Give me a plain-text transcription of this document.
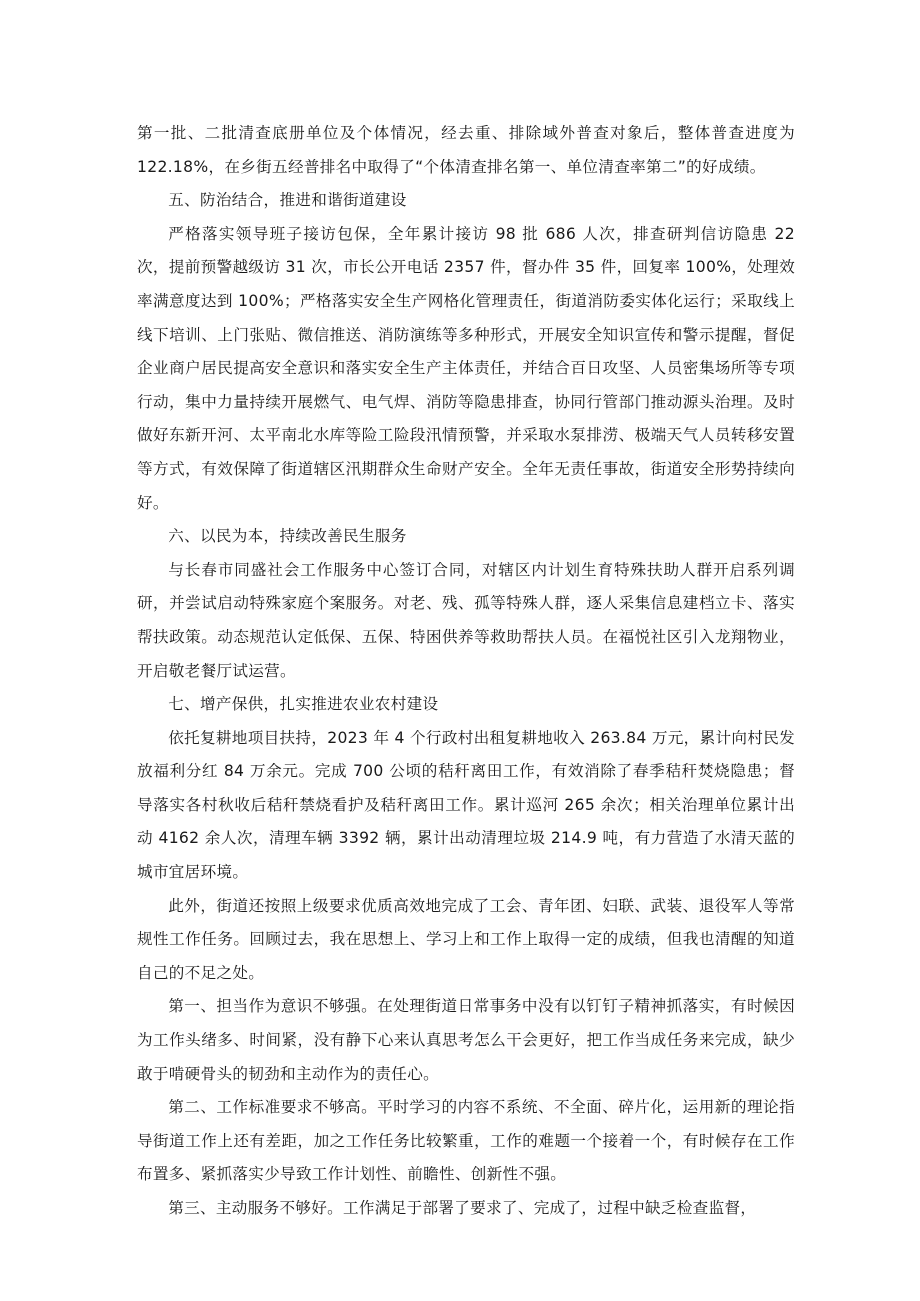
第一批、二批清查底册单位及个体情况，经去重、排除域外普查对象后，整体普查进度为 122.18%，在乡街五经普排名中取得了“个体清查排名第一、单位清查率第二”的好成绩。

五、防治结合，推进和谐街道建设

严格落实领导班子接访包保，全年累计接访 98 批 686 人次，排查研判信访隐患 22 次，提前预警越级访 31 次，市长公开电话 2357 件，督办件 35 件，回复率 100%，处理效率满意度达到 100%；严格落实安全生产网格化管理责任，街道消防委实体化运行；采取线上线下培训、上门张贴、微信推送、消防演练等多种形式，开展安全知识宣传和警示提醒，督促企业商户居民提高安全意识和落实安全生产主体责任，并结合百日攻坚、人员密集场所等专项行动，集中力量持续开展燃气、电气焊、消防等隐患排查，协同行管部门推动源头治理。及时做好东新开河、太平南北水库等险工险段汛情预警，并采取水泵排涝、极端天气人员转移安置等方式，有效保障了街道辖区汛期群众生命财产安全。全年无责任事故，街道安全形势持续向好。

六、以民为本，持续改善民生服务

与长春市同盛社会工作服务中心签订合同，对辖区内计划生育特殊扶助人群开启系列调研，并尝试启动特殊家庭个案服务。对老、残、孤等特殊人群，逐人采集信息建档立卡、落实帮扶政策。动态规范认定低保、五保、特困供养等救助帮扶人员。在福悦社区引入龙翔物业，开启敬老餐厅试运营。

七、增产保供，扎实推进农业农村建设

依托复耕地项目扶持，2023 年 4 个行政村出租复耕地收入 263.84 万元，累计向村民发放福利分红 84 万余元。完成 700 公顷的秸秆离田工作，有效消除了春季秸秆焚烧隐患；督导落实各村秋收后秸秆禁烧看护及秸秆离田工作。累计巡河 265 余次；相关治理单位累计出动 4162 余人次，清理车辆 3392 辆，累计出动清理垃圾 214.9 吨，有力营造了水清天蓝的城市宜居环境。

此外，街道还按照上级要求优质高效地完成了工会、青年团、妇联、武装、退役军人等常规性工作任务。回顾过去，我在思想上、学习上和工作上取得一定的成绩，但我也清醒的知道自己的不足之处。

第一、担当作为意识不够强。在处理街道日常事务中没有以钉钉子精神抓落实，有时候因为工作头绪多、时间紧，没有静下心来认真思考怎么干会更好，把工作当成任务来完成，缺少敢于啃硬骨头的韧劲和主动作为的责任心。

第二、工作标准要求不够高。平时学习的内容不系统、不全面、碎片化，运用新的理论指导街道工作上还有差距，加之工作任务比较繁重，工作的难题一个接着一个，有时候存在工作布置多、紧抓落实少导致工作计划性、前瞻性、创新性不强。

第三、主动服务不够好。工作满足于部署了要求了、完成了，过程中缺乏检查监督，
